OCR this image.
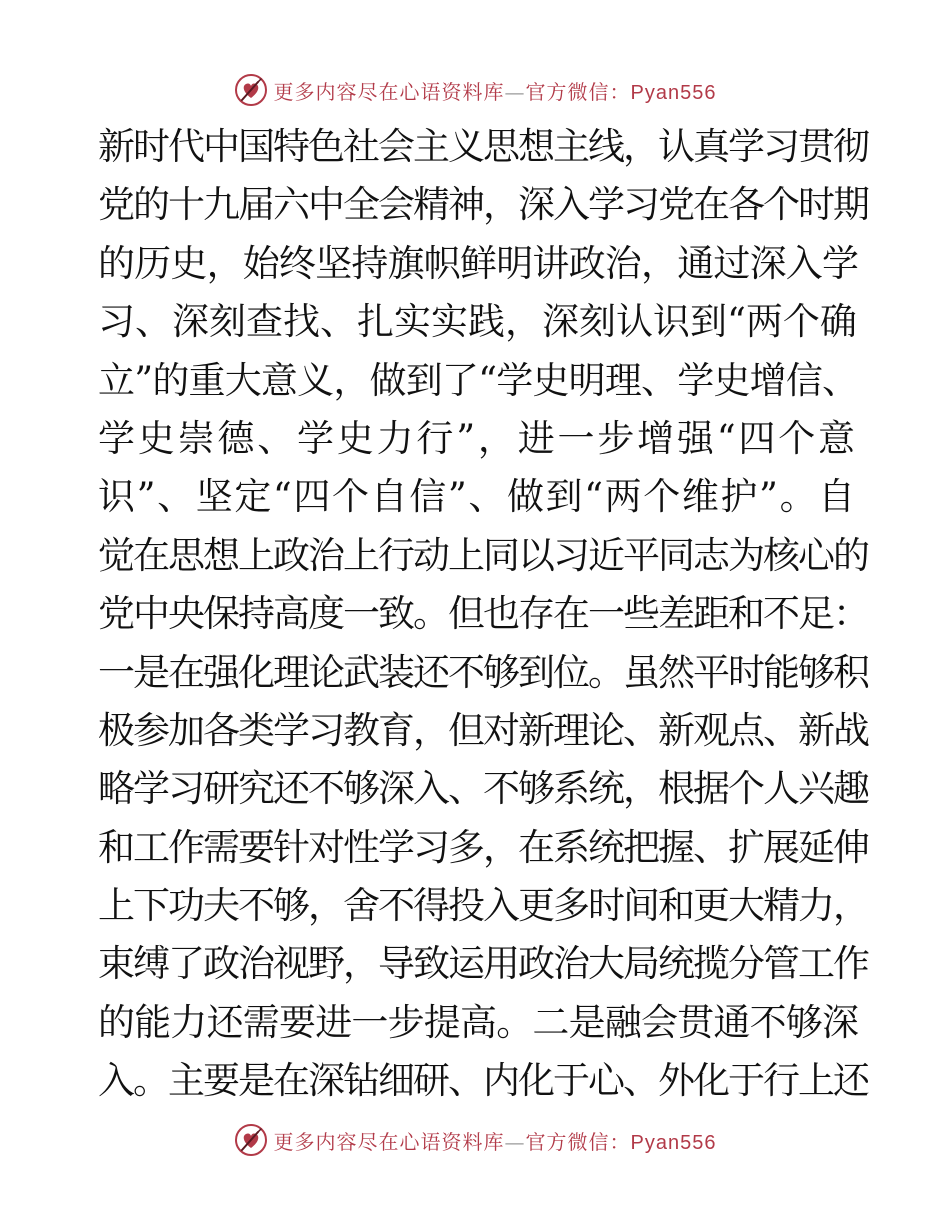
更多内容尽在心语资料库—官方微信：Pyan556
新时代中国特色社会主义思想主线，认真学习贯彻
党的十九届六中全会精神，深入学习党在各个时期
的历史，始终坚持旗帜鲜明讲政治，通过深入学
习、深刻查找、扎实实践，深刻认识到“两个确
立”的重大意义，做到了“学史明理、学史增信、
学史崇德、学史力行”，进一步增强“四个意
识”、坚定“四个自信”、做到“两个维护”。自
觉在思想上政治上行动上同以习近平同志为核心的
党中央保持高度一致。但也存在一些差距和不足：
一是在强化理论武装还不够到位。虽然平时能够积
极参加各类学习教育，但对新理论、新观点、新战
略学习研究还不够深入、不够系统，根据个人兴趣
和工作需要针对性学习多，在系统把握、扩展延伸
上下功夫不够，舍不得投入更多时间和更大精力，
束缚了政治视野，导致运用政治大局统揽分管工作
的能力还需要进一步提高。二是融会贯通不够深
入。主要是在深钻细研、内化于心、外化于行上还
更多内容尽在心语资料库—官方微信：Pyan556
